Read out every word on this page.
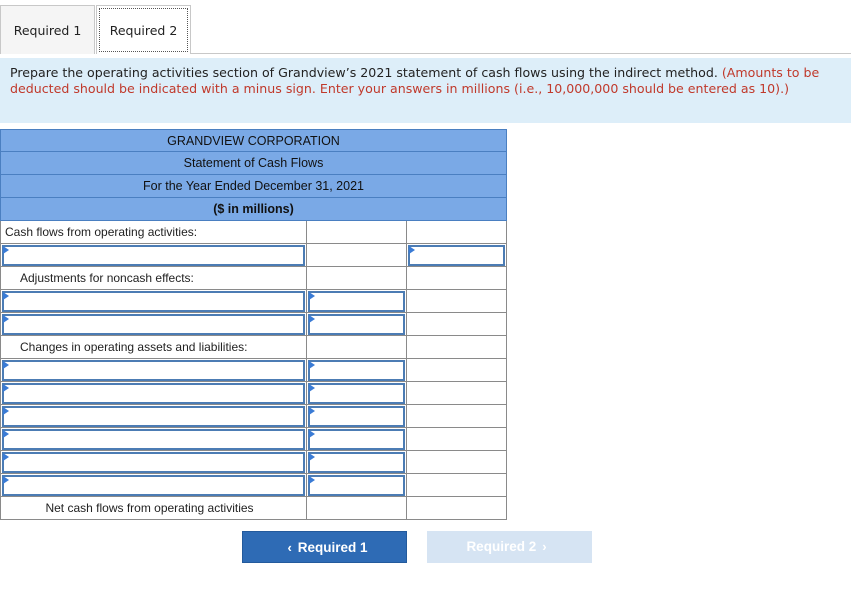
Required 1	Required 2
Prepare the operating activities section of Grandview’s 2021 statement of cash flows using the indirect method. (Amounts to be deducted should be indicated with a minus sign. Enter your answers in millions (i.e., 10,000,000 should be entered as 10).)
GRANDVIEW CORPORATION
Statement of Cash Flows
For the Year Ended December 31, 2021
($ in millions)
Cash flows from operating activities:
Adjustments for noncash effects:
Changes in operating assets and liabilities:
Net cash flows from operating activities
‹ Required 1	Required 2 ›
